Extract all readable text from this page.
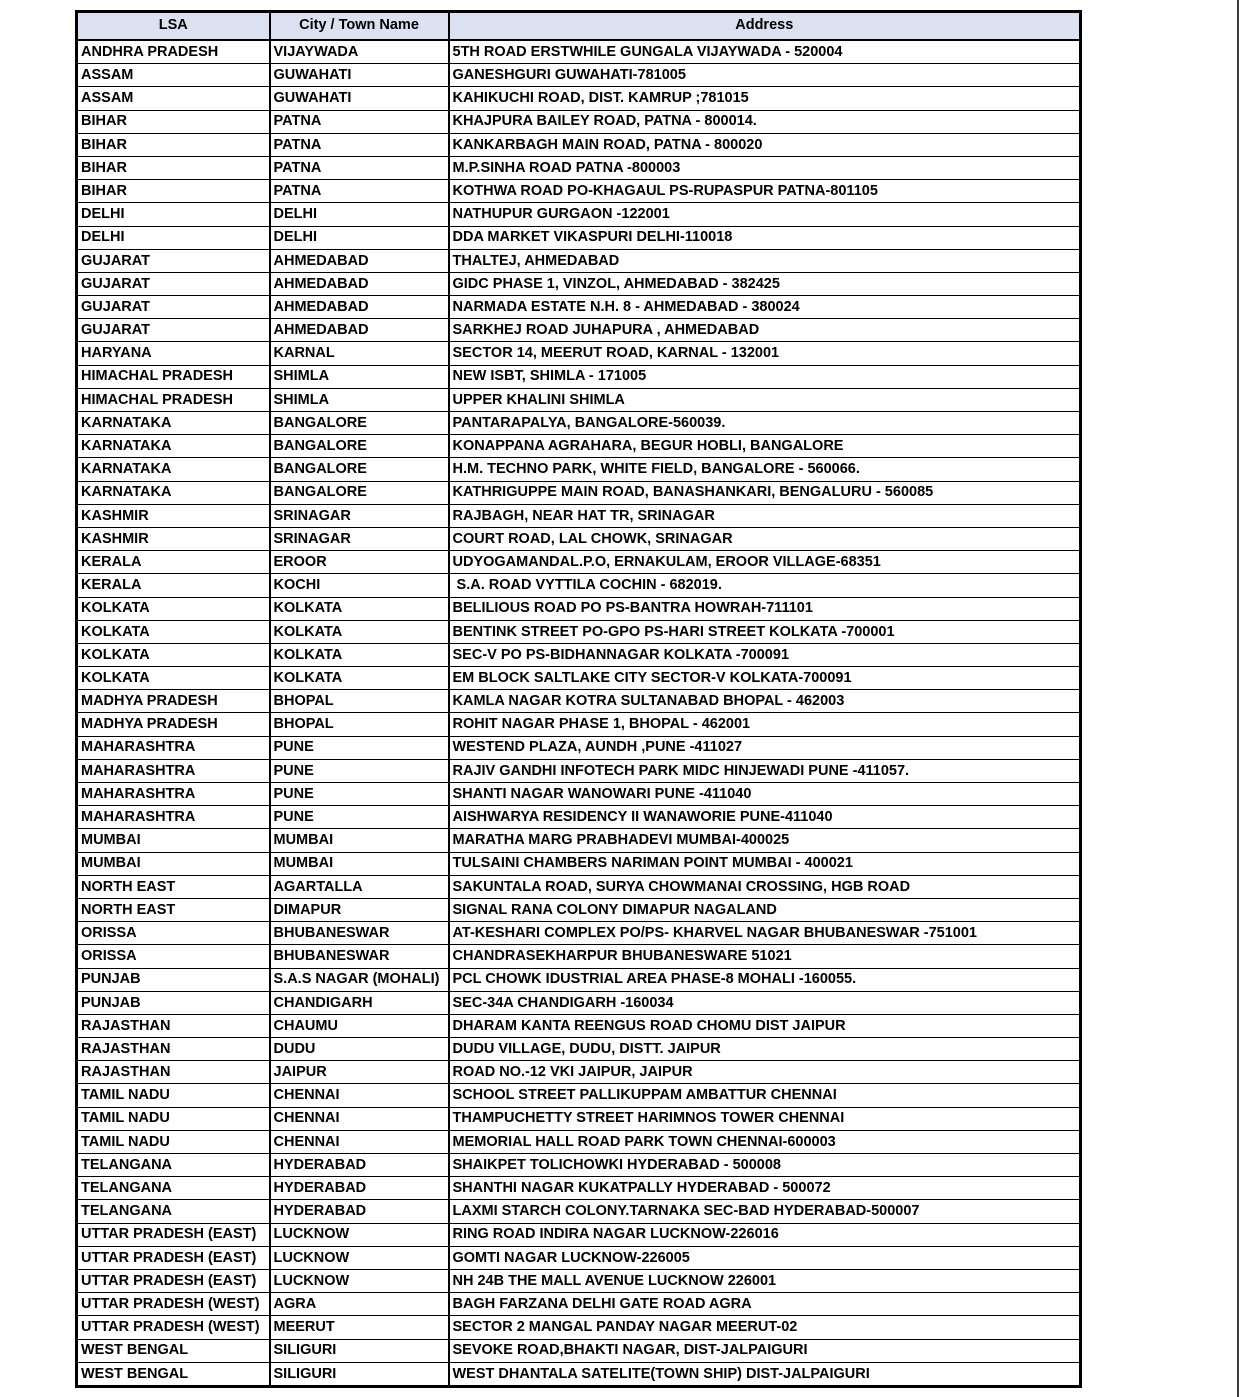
LSA	City / Town Name	Address
ANDHRA PRADESH	VIJAYWADA	5TH ROAD ERSTWHILE GUNGALA VIJAYWADA - 520004
ASSAM	GUWAHATI	GANESHGURI GUWAHATI-781005
ASSAM	GUWAHATI	KAHIKUCHI ROAD, DIST. KAMRUP ;781015
BIHAR	PATNA	KHAJPURA BAILEY ROAD, PATNA - 800014.
BIHAR	PATNA	KANKARBAGH MAIN ROAD, PATNA - 800020
BIHAR	PATNA	M.P.SINHA ROAD PATNA -800003
BIHAR	PATNA	KOTHWA ROAD PO-KHAGAUL PS-RUPASPUR PATNA-801105
DELHI	DELHI	NATHUPUR GURGAON -122001
DELHI	DELHI	DDA MARKET VIKASPURI DELHI-110018
GUJARAT	AHMEDABAD	THALTEJ, AHMEDABAD
GUJARAT	AHMEDABAD	GIDC PHASE 1, VINZOL, AHMEDABAD - 382425
GUJARAT	AHMEDABAD	NARMADA ESTATE N.H. 8 - AHMEDABAD - 380024
GUJARAT	AHMEDABAD	SARKHEJ ROAD JUHAPURA , AHMEDABAD
HARYANA	KARNAL	SECTOR 14, MEERUT ROAD, KARNAL - 132001
HIMACHAL PRADESH	SHIMLA	NEW ISBT, SHIMLA - 171005
HIMACHAL PRADESH	SHIMLA	UPPER KHALINI SHIMLA
KARNATAKA	BANGALORE	PANTARAPALYA, BANGALORE-560039.
KARNATAKA	BANGALORE	KONAPPANA AGRAHARA, BEGUR HOBLI, BANGALORE
KARNATAKA	BANGALORE	H.M. TECHNO PARK, WHITE FIELD, BANGALORE - 560066.
KARNATAKA	BANGALORE	KATHRIGUPPE MAIN ROAD, BANASHANKARI, BENGALURU - 560085
KASHMIR	SRINAGAR	RAJBAGH, NEAR HAT TR, SRINAGAR
KASHMIR	SRINAGAR	COURT ROAD, LAL CHOWK, SRINAGAR
KERALA	EROOR	UDYOGAMANDAL.P.O, ERNAKULAM, EROOR VILLAGE-68351
KERALA	KOCHI	S.A. ROAD VYTTILA COCHIN - 682019.
KOLKATA	KOLKATA	BELILIOUS ROAD PO PS-BANTRA HOWRAH-711101
KOLKATA	KOLKATA	BENTINK STREET PO-GPO PS-HARI STREET KOLKATA -700001
KOLKATA	KOLKATA	SEC-V PO PS-BIDHANNAGAR KOLKATA -700091
KOLKATA	KOLKATA	EM BLOCK SALTLAKE CITY SECTOR-V KOLKATA-700091
MADHYA PRADESH	BHOPAL	KAMLA NAGAR KOTRA SULTANABAD BHOPAL - 462003
MADHYA PRADESH	BHOPAL	ROHIT NAGAR PHASE 1, BHOPAL - 462001
MAHARASHTRA	PUNE	WESTEND PLAZA, AUNDH ,PUNE -411027
MAHARASHTRA	PUNE	RAJIV GANDHI INFOTECH PARK MIDC HINJEWADI PUNE -411057.
MAHARASHTRA	PUNE	SHANTI NAGAR WANOWARI PUNE -411040
MAHARASHTRA	PUNE	AISHWARYA RESIDENCY II WANAWORIE PUNE-411040
MUMBAI	MUMBAI	MARATHA MARG PRABHADEVI MUMBAI-400025
MUMBAI	MUMBAI	TULSAINI CHAMBERS NARIMAN POINT MUMBAI - 400021
NORTH EAST	AGARTALLA	SAKUNTALA ROAD, SURYA CHOWMANAI CROSSING, HGB ROAD
NORTH EAST	DIMAPUR	SIGNAL RANA COLONY DIMAPUR NAGALAND
ORISSA	BHUBANESWAR	AT-KESHARI COMPLEX PO/PS- KHARVEL NAGAR BHUBANESWAR -751001
ORISSA	BHUBANESWAR	CHANDRASEKHARPUR BHUBANESWARE 51021
PUNJAB	S.A.S NAGAR (MOHALI)	PCL CHOWK IDUSTRIAL AREA PHASE-8 MOHALI -160055.
PUNJAB	CHANDIGARH	SEC-34A CHANDIGARH -160034
RAJASTHAN	CHAUMU	DHARAM KANTA REENGUS ROAD CHOMU DIST JAIPUR
RAJASTHAN	DUDU	DUDU VILLAGE, DUDU, DISTT. JAIPUR
RAJASTHAN	JAIPUR	ROAD NO.-12 VKI JAIPUR, JAIPUR
TAMIL NADU	CHENNAI	SCHOOL STREET PALLIKUPPAM AMBATTUR CHENNAI
TAMIL NADU	CHENNAI	THAMPUCHETTY STREET HARIMNOS TOWER CHENNAI
TAMIL NADU	CHENNAI	MEMORIAL HALL ROAD PARK TOWN CHENNAI-600003
TELANGANA	HYDERABAD	SHAIKPET TOLICHOWKI HYDERABAD - 500008
TELANGANA	HYDERABAD	SHANTHI NAGAR KUKATPALLY HYDERABAD - 500072
TELANGANA	HYDERABAD	LAXMI STARCH COLONY.TARNAKA SEC-BAD HYDERABAD-500007
UTTAR PRADESH (EAST)	LUCKNOW	RING ROAD INDIRA NAGAR LUCKNOW-226016
UTTAR PRADESH (EAST)	LUCKNOW	GOMTI NAGAR LUCKNOW-226005
UTTAR PRADESH (EAST)	LUCKNOW	NH 24B THE MALL AVENUE LUCKNOW 226001
UTTAR PRADESH (WEST)	AGRA	BAGH FARZANA DELHI GATE ROAD AGRA
UTTAR PRADESH (WEST)	MEERUT	SECTOR 2 MANGAL PANDAY NAGAR MEERUT-02
WEST BENGAL	SILIGURI	SEVOKE ROAD,BHAKTI NAGAR, DIST-JALPAIGURI
WEST BENGAL	SILIGURI	WEST DHANTALA SATELITE(TOWN SHIP) DIST-JALPAIGURI
